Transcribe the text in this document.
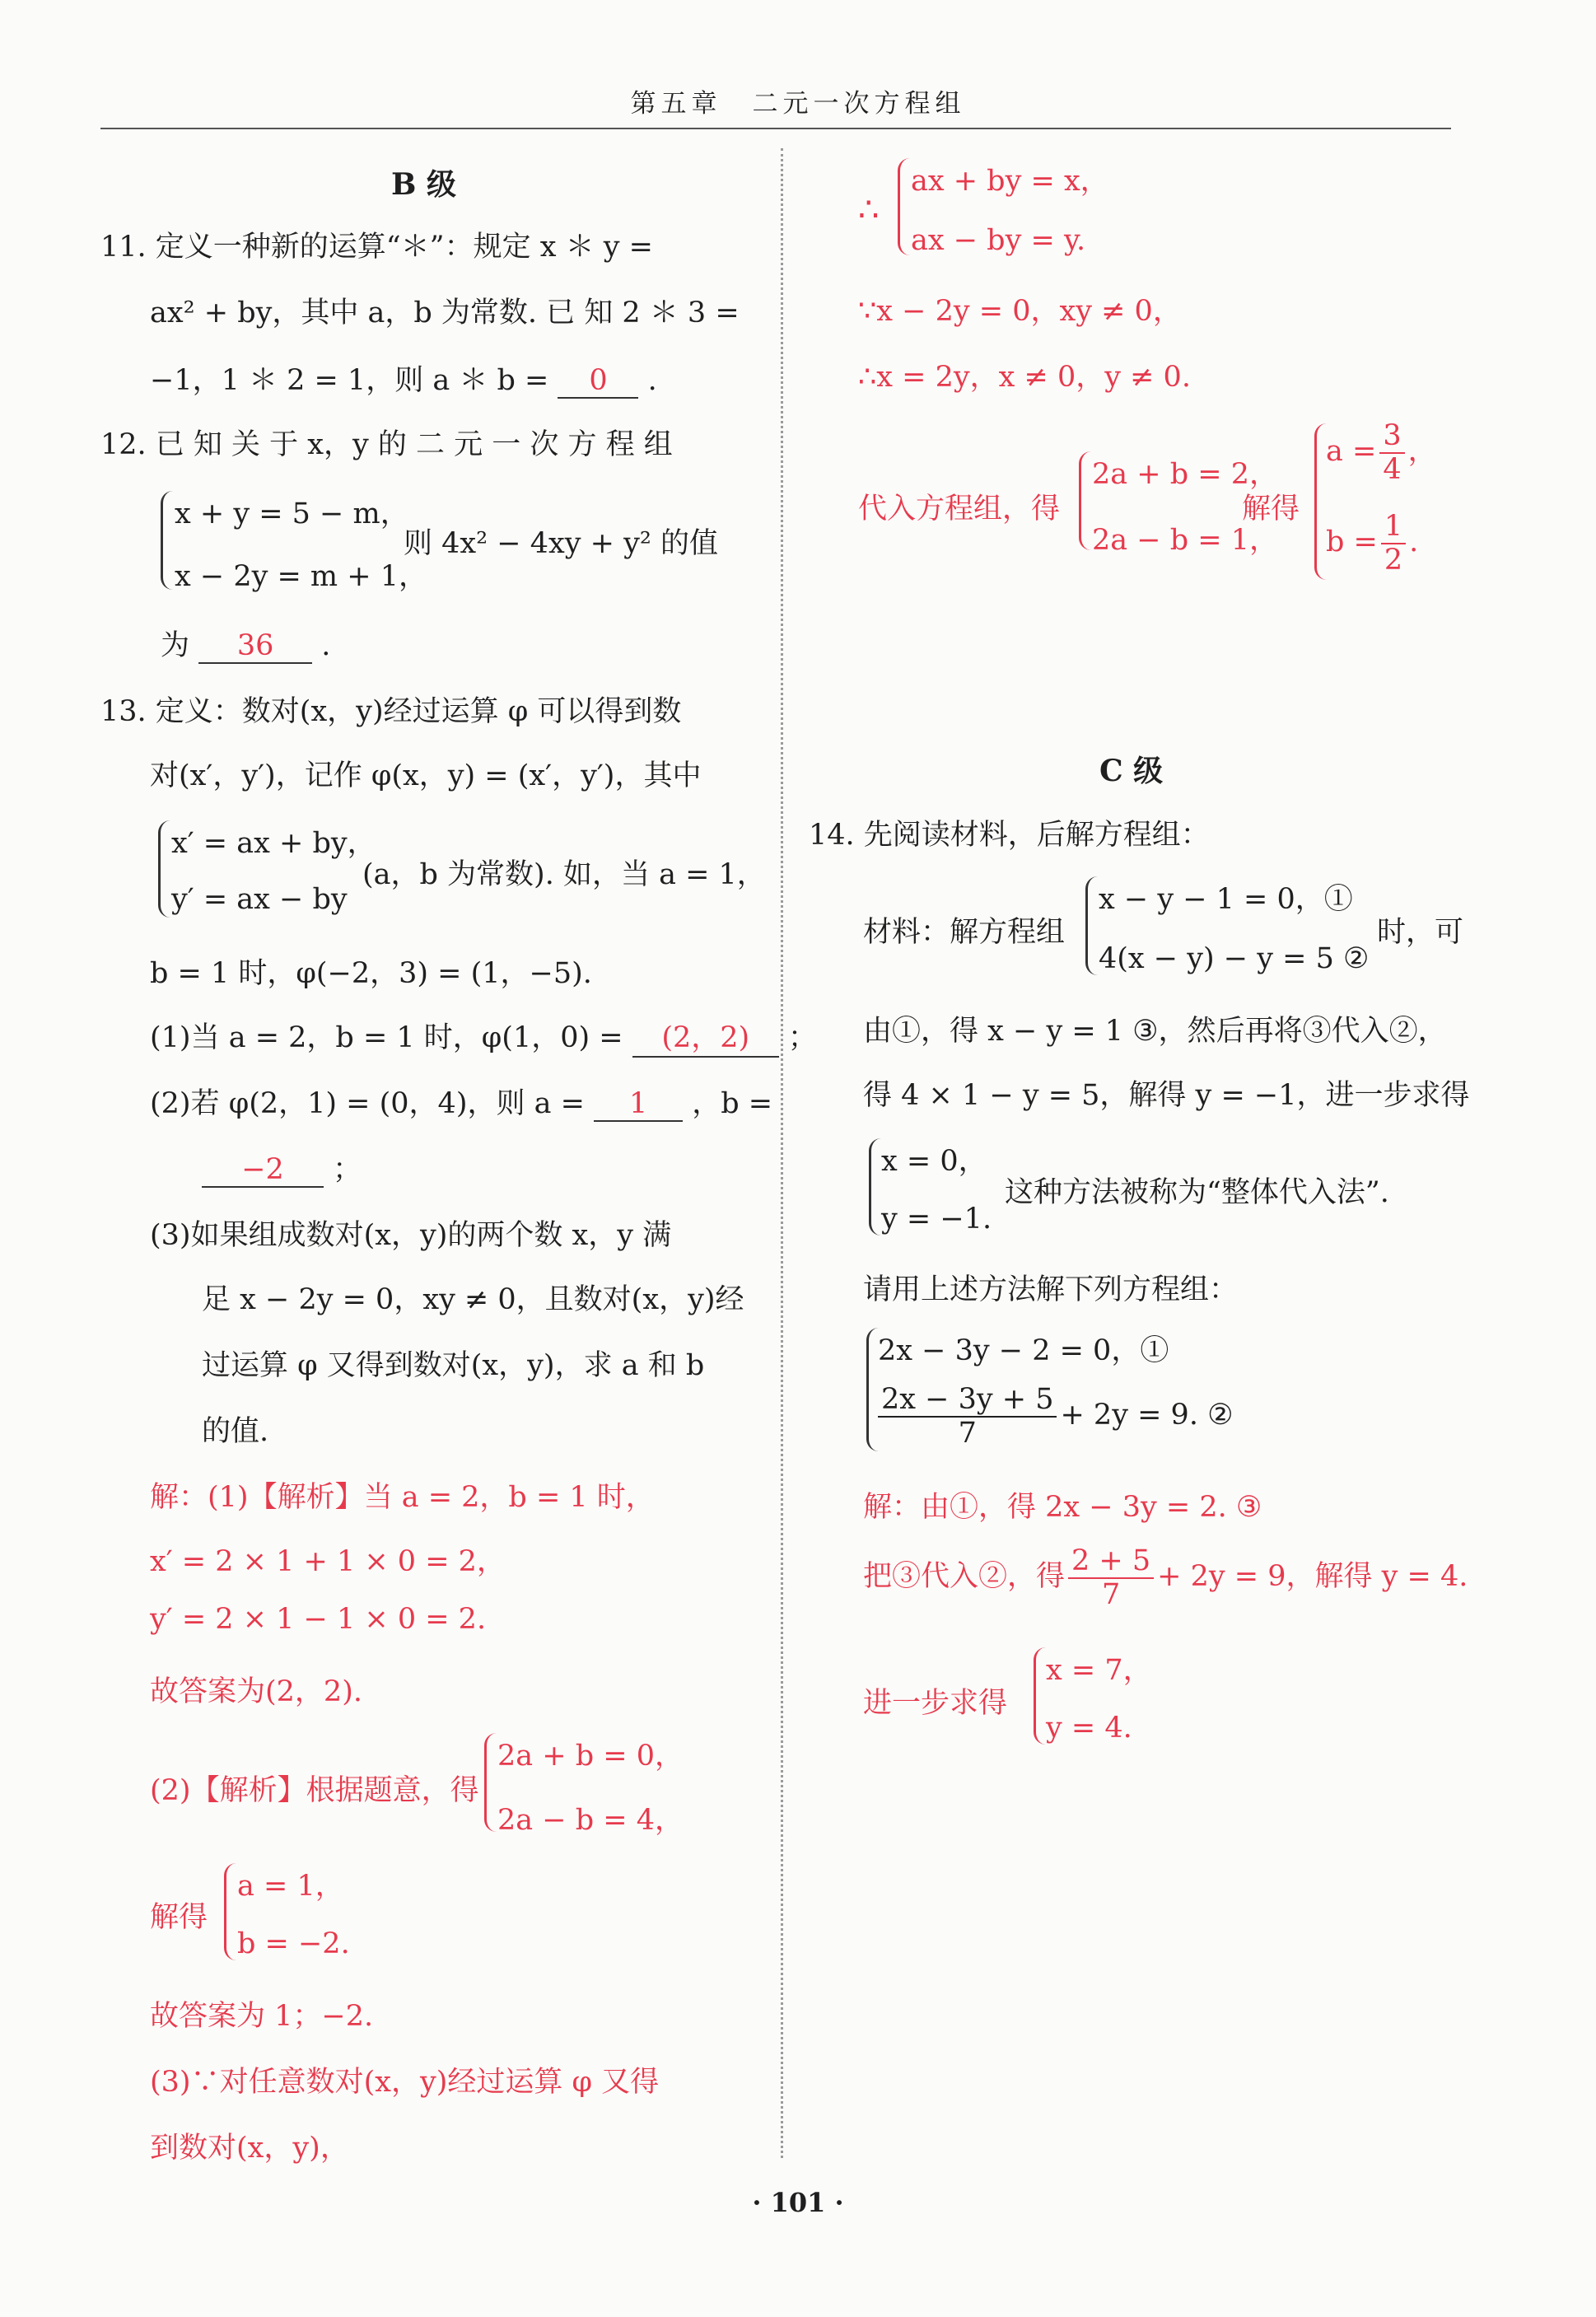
第五章　二元一次方程组
B 级
11. 定义一种新的运算“＊”：规定 x ＊ y =
ax² + by，其中 a，b 为常数. 已 知 2 ＊ 3 =
−1，1 ＊ 2 = 1，则 a ＊ b = 0 .
12. 已 知 关 于 x，y 的 二 元 一 次 方 程 组
x + y = 5 − m，
x − 2y = m + 1，
则 4x² − 4xy + y² 的值
为 36 .
13. 定义：数对(x，y)经过运算 φ 可以得到数
对(x′，y′)，记作 φ(x，y) = (x′，y′)，其中
x′ = ax + by，
y′ = ax − by
(a，b 为常数). 如，当 a = 1，
b = 1 时，φ(−2，3) = (1，−5).
(1)当 a = 2，b = 1 时，φ(1，0) = (2，2) ；
(2)若 φ(2，1) = (0，4)，则 a = 1 ，b =
−2 ；
(3)如果组成数对(x，y)的两个数 x，y 满
足 x − 2y = 0，xy ≠ 0，且数对(x，y)经
过运算 φ 又得到数对(x，y)，求 a 和 b
的值.
解：(1)【解析】当 a = 2，b = 1 时，
x′ = 2 × 1 + 1 × 0 = 2，
y′ = 2 × 1 − 1 × 0 = 2.
故答案为(2，2).
(2)【解析】根据题意，得
2a + b = 0，
2a − b = 4，
解得
a = 1，
b = −2.
故答案为 1；−2.
(3)∵对任意数对(x，y)经过运算 φ 又得
到数对(x，y)，
∴
ax + by = x，
ax − by = y.
∵x − 2y = 0，xy ≠ 0，
∴x = 2y，x ≠ 0，y ≠ 0.
代入方程组，得
2a + b = 2，
2a − b = 1，
解得
$a = \frac{3}{4}$ ，
$b = \frac{1}{2}$ .
C 级
14. 先阅读材料，后解方程组：
材料：解方程组
x − y − 1 = 0，①
4(x − y) − y = 5 ②
时，可
由①，得 x − y = 1 ③，然后再将③代入②，
得 4 × 1 − y = 5，解得 y = −1，进一步求得
x = 0，
y = −1.
这种方法被称为“整体代入法”.
请用上述方法解下列方程组：
2x − 3y − 2 = 0，①
$\frac{2x - 3y + 5}{7} + 2y = 9$. ②
解：由①，得 2x − 3y = 2. ③
把③代入②，得 $\frac{2 + 5}{7} + 2y = 9$，解得 y = 4.
进一步求得
x = 7，
y = 4.
· 101 ·
